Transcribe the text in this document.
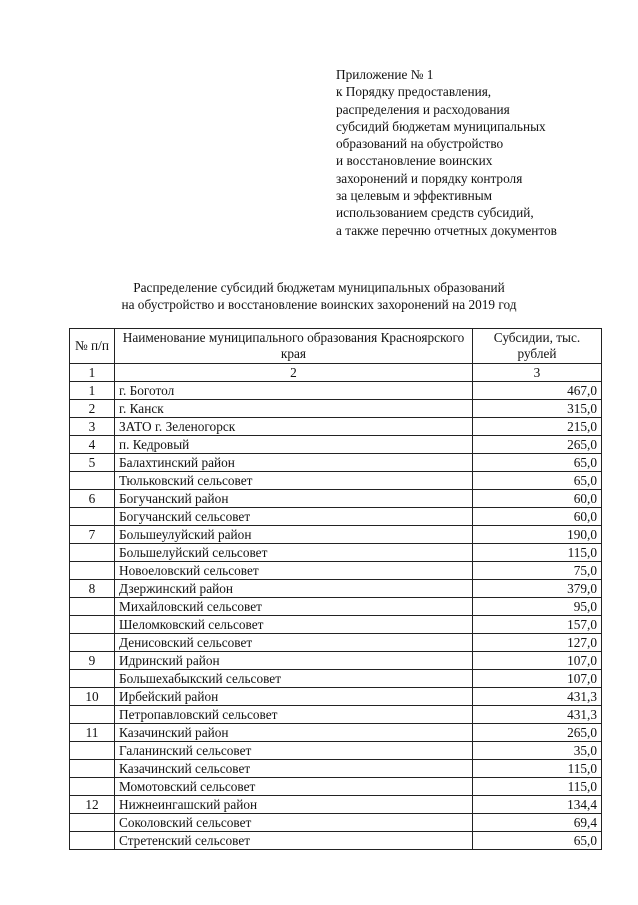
Приложение № 1
к Порядку предоставления,
распределения и расходования
субсидий бюджетам муниципальных
образований на обустройство
и восстановление воинских
захоронений и порядку контроля
за целевым и эффективным
использованием средств субсидий,
а также перечню отчетных документов
Распределение субсидий бюджетам муниципальных образований
на обустройство и восстановление воинских захоронений на 2019 год
№ п/п	Наименование муниципального образования Красноярского края	Субсидии, тыс. рублей
1	2	3
1	г. Боготол	467,0
2	г. Канск	315,0
3	ЗАТО г. Зеленогорск	215,0
4	п. Кедровый	265,0
5	Балахтинский район	65,0
	Тюльковский сельсовет	65,0
6	Богучанский район	60,0
	Богучанский сельсовет	60,0
7	Большеулуйский район	190,0
	Большелуйский сельсовет	115,0
	Новоеловский сельсовет	75,0
8	Дзержинский район	379,0
	Михайловский сельсовет	95,0
	Шеломковский сельсовет	157,0
	Денисовский сельсовет	127,0
9	Идринский район	107,0
	Большехабыкский сельсовет	107,0
10	Ирбейский район	431,3
	Петропавловский сельсовет	431,3
11	Казачинский район	265,0
	Галанинский сельсовет	35,0
	Казачинский сельсовет	115,0
	Момотовский сельсовет	115,0
12	Нижнеингашский район	134,4
	Соколовский сельсовет	69,4
	Стретенский сельсовет	65,0
